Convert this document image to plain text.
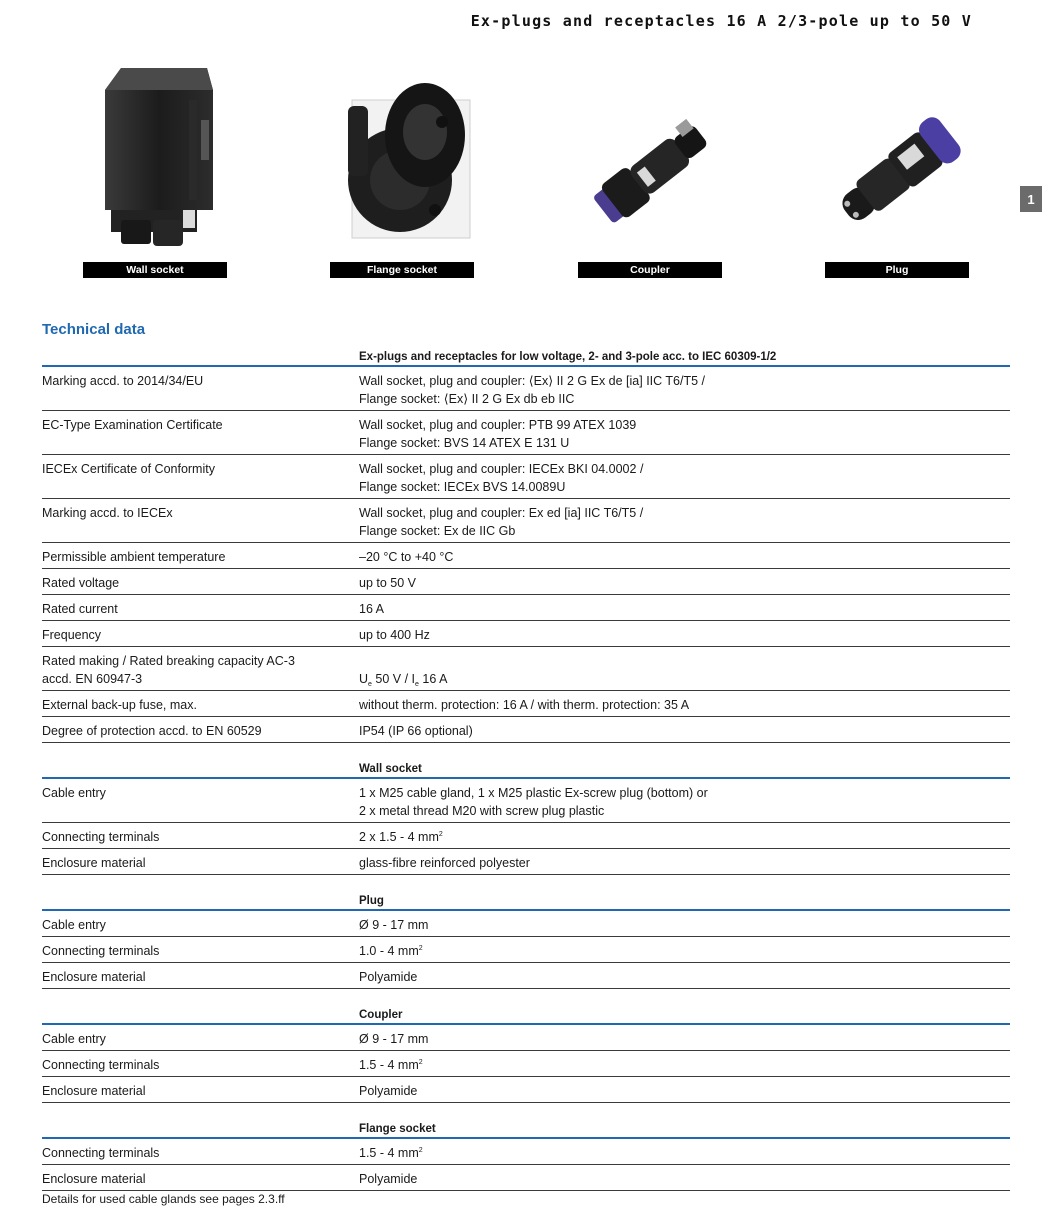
Ex-plugs and receptacles 16 A 2/3-pole up to 50 V
1
Wall socket	Flange socket	Coupler	Plug
Technical data
Ex-plugs and receptacles for low voltage, 2- and 3-pole acc. to IEC 60309-1/2
Marking accd. to 2014/34/EU	Wall socket, plug and coupler: ⟨Ex⟩ II 2 G Ex de [ia] IIC T6/T5 /
Flange socket: ⟨Ex⟩ II 2 G Ex db eb IIC
EC-Type Examination Certificate	Wall socket, plug and coupler: PTB 99 ATEX 1039
Flange socket: BVS 14 ATEX E 131 U
IECEx Certificate of Conformity	Wall socket, plug and coupler: IECEx BKI 04.0002 /
Flange socket: IECEx BVS 14.0089U
Marking accd. to IECEx	Wall socket, plug and coupler: Ex ed [ia] IIC T6/T5 /
Flange socket: Ex de IIC Gb
Permissible ambient temperature	–20 °C to +40 °C
Rated voltage	up to 50 V
Rated current	16 A
Frequency	up to 400 Hz
Rated making / Rated breaking capacity AC-3
accd. EN 60947-3	$U_e$ 50 V / $I_e$ 16 A
External back-up fuse, max.	without therm. protection: 16 A / with therm. protection: 35 A
Degree of protection accd. to EN 60529	IP54 (IP 66 optional)
Wall socket
Cable entry	1 x M25 cable gland, 1 x M25 plastic Ex-screw plug (bottom) or
2 x metal thread M20 with screw plug plastic
Connecting terminals	2 x 1.5 - 4 $mm^2$
Enclosure material	glass-fibre reinforced polyester
Plug
Cable entry	Ø 9 - 17 mm
Connecting terminals	1.0 - 4 $mm^2$
Enclosure material	Polyamide
Coupler
Cable entry	Ø 9 - 17 mm
Connecting terminals	1.5 - 4 $mm^2$
Enclosure material	Polyamide
Flange socket
Connecting terminals	1.5 - 4 $mm^2$
Enclosure material	Polyamide
Details for used cable glands see pages 2.3.ff
